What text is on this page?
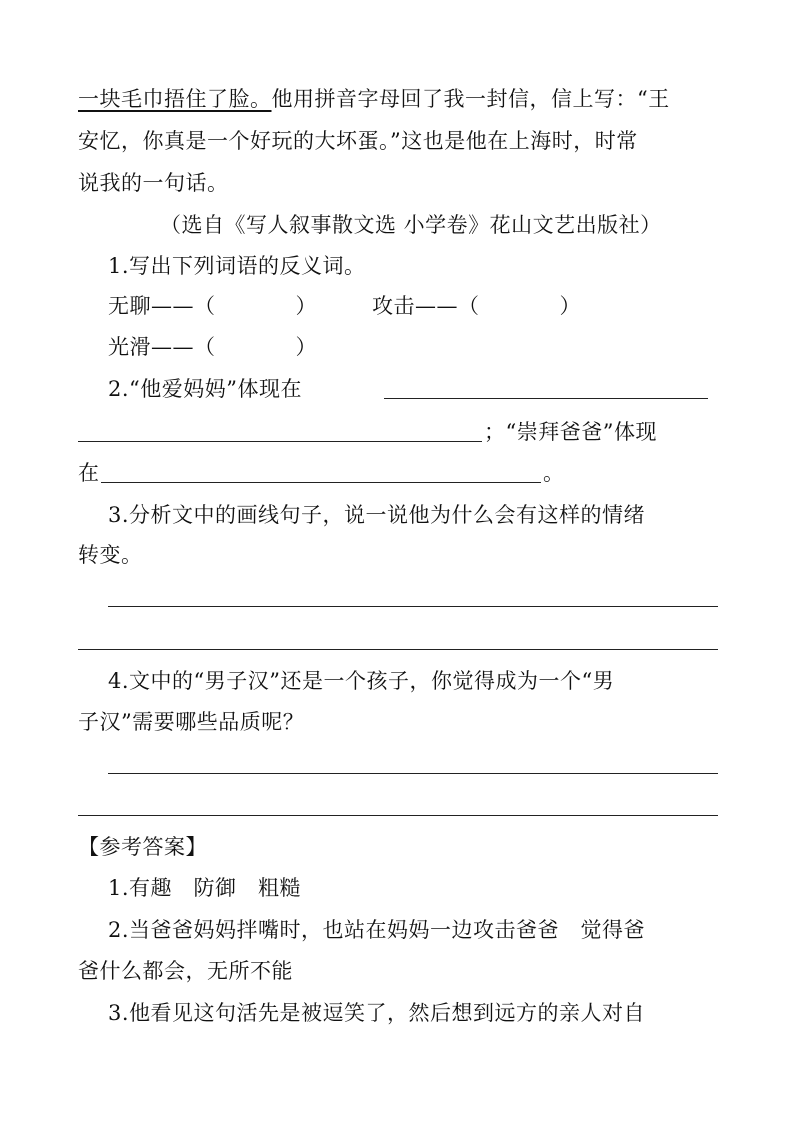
一块毛巾捂住了脸。他用拼音字母回了我一封信，信上写：“王
安忆，你真是一个好玩的大坏蛋。”这也是他在上海时，时常
说我的一句话。
（选自《写人叙事散文选 小学卷》花山文艺出版社）
1.写出下列词语的反义词。
无聊——（	）	攻击——（	）
光滑——（	）
2.“他爱妈妈”体现在
；“崇拜爸爸”体现
在	。
3.分析文中的画线句子，说一说他为什么会有这样的情绪
转变。
4.文中的“男子汉”还是一个孩子，你觉得成为一个“男
子汉”需要哪些品质呢？
【参考答案】
1.有趣　防御　粗糙
2.当爸爸妈妈拌嘴时，也站在妈妈一边攻击爸爸　觉得爸
爸什么都会，无所不能
3.他看见这句活先是被逗笑了，然后想到远方的亲人对自
